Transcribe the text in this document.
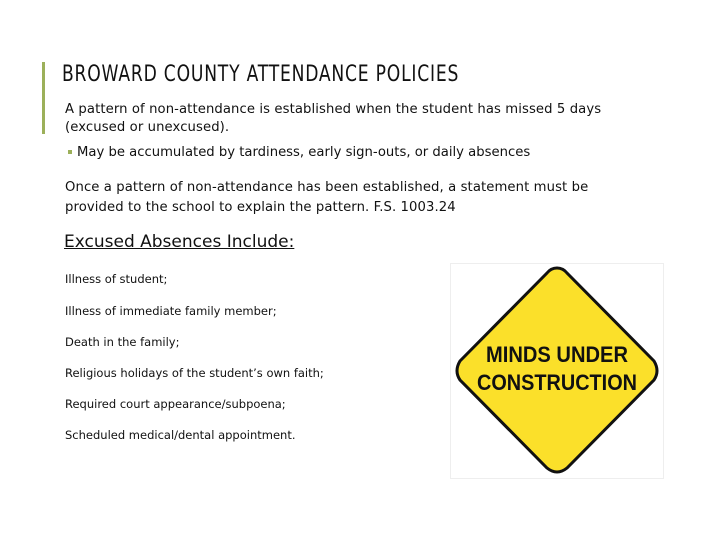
BROWARD COUNTY ATTENDANCE POLICIES
A pattern of non-attendance is established when the student has missed 5 days
(excused or unexcused).
May be accumulated by tardiness, early sign-outs, or daily absences
Once a pattern of non-attendance has been established, a statement must be
provided to the school to explain the pattern. F.S. 1003.24
Excused Absences Include:
Illness of student;
Illness of immediate family member;
Death in the family;
Religious holidays of the student’s own faith;
Required court appearance/subpoena;
Scheduled medical/dental appointment.
MINDS UNDER
CONSTRUCTION
